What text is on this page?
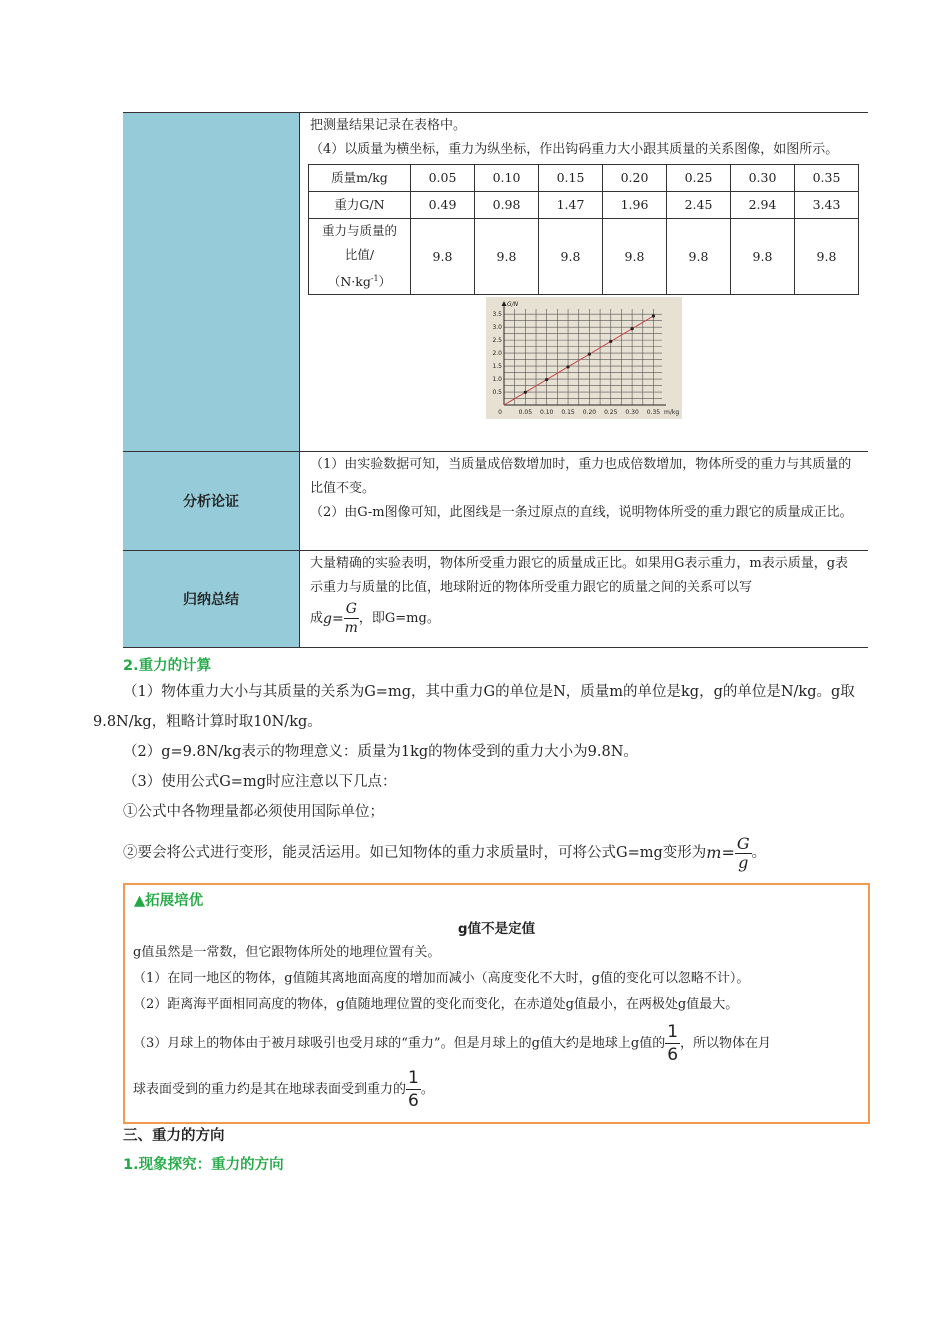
把测量结果记录在表格中。

（4）以质量为横坐标，重力为纵坐标，作出钩码重力大小跟其质量的关系图像，如图所示。

质量m/kg	0.05	0.10	0.15	0.20	0.25	0.30	0.35
重力G/N	0.49	0.98	1.47	1.96	2.45	2.94	3.43
重力与质量的
比值/
$(N\cdot kg^{-1})$	9.8	9.8	9.8	9.8	9.8	9.8	9.8
0.05 0.10 0.15 0.20 0.25 0.30 0.35
0.5
1.0
1.5
2.0
2.5
3.0
3.5
0	m/kg
G/N

分析论证	

（1）由实验数据可知，当质量成倍数增加时，重力也成倍数增加，物体所受的重力与其质量的比值不变。

（2）由G-m图像可知，此图线是一条过原点的直线，说明物体所受的重力跟它的质量成正比。

归纳总结	

大量精确的实验表明，物体所受重力跟它的质量成正比。如果用G表示重力，m表示质量，g表示重力与质量的比值，地球附近的物体所受重力跟它的质量之间的关系可以写

成$g= \frac{G}{m}$ ，即G=mg。

2.重力的计算

（1）物体重力大小与其质量的关系为G=mg，其中重力G的单位是N，质量m的单位是kg，g的单位是N/kg。g取9.8N/kg，粗略计算时取10N/kg。

（2）g=9.8N/kg表示的物理意义：质量为1kg的物体受到的重力大小为9.8N。

（3）使用公式G=mg时应注意以下几点：

①公式中各物理量都必须使用国际单位；

②要会将公式进行变形，能灵活运用。如已知物体的重力求质量时，可将公式G=mg变形为$m= \frac{G}{g}$ 。

▲拓展培优
g值不是定值
g值虽然是一常数，但它跟物体所处的地理位置有关。
（1）在同一地区的物体，g值随其离地面高度的增加而减小（高度变化不大时，g值的变化可以忽略不计）。
（2）距离海平面相同高度的物体，g值随地理位置的变化而变化，在赤道处g值最小，在两极处g值最大。
（3）月球上的物体由于被月球吸引也受月球的“重力”。但是月球上的g值大约是地球上g值的 $\frac{1}{6}$ ，所以物体在月
球表面受到的重力约是其在地球表面受到重力的 $\frac{1}{6}$ 。
三、重力的方向
1.现象探究：重力的方向
